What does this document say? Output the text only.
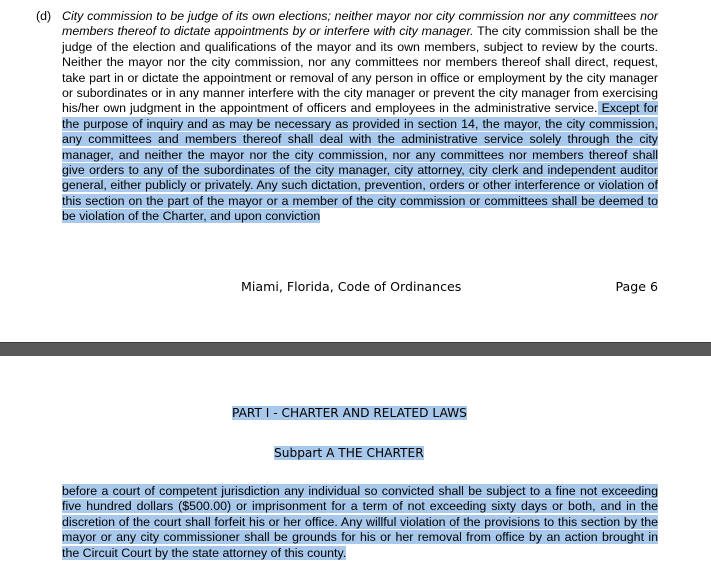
(d) City commission to be judge of its own elections; neither mayor nor city commission nor any committees nor members thereof to dictate appointments by or interfere with city manager. The city commission shall be the judge of the election and qualifications of the mayor and its own members, subject to review by the courts. Neither the mayor nor the city commission, nor any committees nor members thereof shall direct, request, take part in or dictate the appointment or removal of any person in office or employment by the city manager or subordinates or in any manner interfere with the city manager or prevent the city manager from exercising his/her own judgment in the appointment of officers and employees in the administrative service. Except for the purpose of inquiry and as may be necessary as provided in section 14, the mayor, the city commission, any committees and members thereof shall deal with the administrative service solely through the city manager, and neither the mayor nor the city commission, nor any committees nor members thereof shall give orders to any of the subordinates of the city manager, city attorney, city clerk and independent auditor general, either publicly or privately. Any such dictation, prevention, orders or other interference or violation of this section on the part of the mayor or a member of the city commission or committees shall be deemed to be violation of the Charter, and upon conviction

Miami, Florida, Code of Ordinances	Page 6
PART I - CHARTER AND RELATED LAWS
Subpart A THE CHARTER

before a court of competent jurisdiction any individual so convicted shall be subject to a fine not exceeding five hundred dollars ($500.00) or imprisonment for a term of not exceeding sixty days or both, and in the discretion of the court shall forfeit his or her office. Any willful violation of the provisions to this section by the mayor or any city commissioner shall be grounds for his or her removal from office by an action brought in the Circuit Court by the state attorney of this county.
